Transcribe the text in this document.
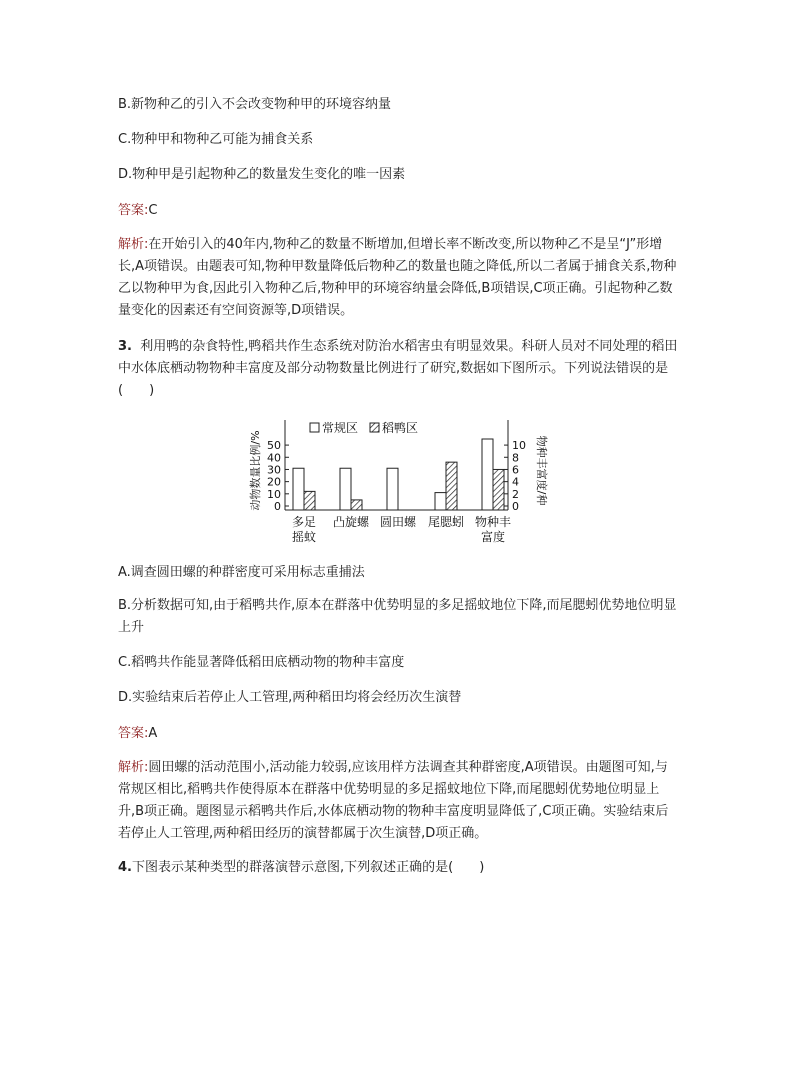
B.新物种乙的引入不会改变物种甲的环境容纳量
C.物种甲和物种乙可能为捕食关系
D.物种甲是引起物种乙的数量发生变化的唯一因素
答案:C
解析:在开始引入的40年内,物种乙的数量不断增加,但增长率不断改变,所以物种乙不是呈“J”形增长,A项错误。由题表可知,物种甲数量降低后物种乙的数量也随之降低,所以二者属于捕食关系,物种乙以物种甲为食,因此引入物种乙后,物种甲的环境容纳量会降低,B项错误,C项正确。引起物种乙数量变化的因素还有空间资源等,D项错误。
3. 利用鸭的杂食特性,鸭稻共作生态系统对防治水稻害虫有明显效果。科研人员对不同处理的稻田中水体底栖动物物种丰富度及部分动物数量比例进行了研究,数据如下图所示。下列说法错误的是(　　)
0
10
20
30
40
50
0
2
4
6
8
10
动物数量比例/%	物种丰富度/种
常规区 稻鸭区
多足
摇蚊
凸旋螺 圆田螺 尾腮蚓 物种丰
富度
A.调查圆田螺的种群密度可采用标志重捕法
B.分析数据可知,由于稻鸭共作,原本在群落中优势明显的多足摇蚊地位下降,而尾腮蚓优势地位明显上升
C.稻鸭共作能显著降低稻田底栖动物的物种丰富度
D.实验结束后若停止人工管理,两种稻田均将会经历次生演替
答案:A
解析:圆田螺的活动范围小,活动能力较弱,应该用样方法调查其种群密度,A项错误。由题图可知,与常规区相比,稻鸭共作使得原本在群落中优势明显的多足摇蚊地位下降,而尾腮蚓优势地位明显上升,B项正确。题图显示稻鸭共作后,水体底栖动物的物种丰富度明显降低了,C项正确。实验结束后若停止人工管理,两种稻田经历的演替都属于次生演替,D项正确。
4.下图表示某种类型的群落演替示意图,下列叙述正确的是(　　)
